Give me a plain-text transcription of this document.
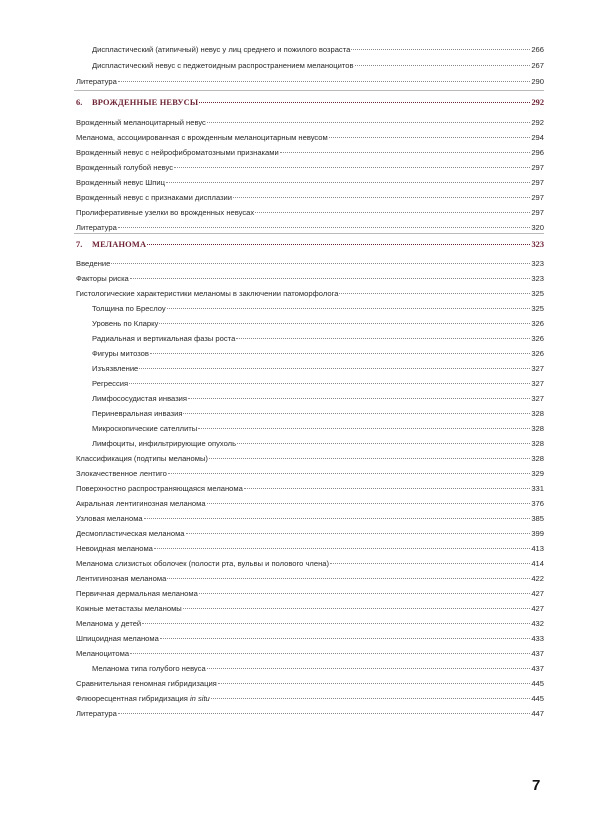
Диспластический (атипичный) невус у лиц среднего и пожилого возраста	266
Диспластический невус с педжетоидным распространением меланоцитов	267
Литература	290
6.	ВРОЖДЕННЫЕ НЕВУСЫ	292
Врожденный меланоцитарный невус	292
Меланома, ассоциированная с врожденным меланоцитарным невусом	294
Врожденный невус с нейрофиброматозными признаками	296
Врожденный голубой невус	297
Врожденный невус Шпиц	297
Врожденный невус с признаками дисплазии	297
Пролиферативные узелки во врожденных невусах	297
Литература	320
7.	МЕЛАНОМА	323
Введение	323
Факторы риска	323
Гистологические характеристики меланомы в заключении патоморфолога	325
Толщина по Бреслоу	325
Уровень по Кларку	326
Радиальная и вертикальная фазы роста	326
Фигуры митозов	326
Изъязвление	327
Регрессия	327
Лимфососудистая инвазия	327
Периневральная инвазия	328
Микроскопические сателлиты	328
Лимфоциты, инфильтрирующие опухоль	328
Классификация (подтипы меланомы)	328
Злокачественное лентиго	329
Поверхностно распространяющаяся меланома	331
Акральная лентигинозная меланома	376
Узловая меланома	385
Десмопластическая меланома	399
Невоидная меланома	413
Меланома слизистых оболочек (полости рта, вульвы и полового члена)	414
Лентигинозная меланома	422
Первичная дермальная меланома	427
Кожные метастазы меланомы	427
Меланома у детей	432
Шпицоидная меланома	433
Меланоцитома	437
Меланома типа голубого невуса	437
Сравнительная геномная гибридизация	445
Флюоресцентная гибридизация in situ	445
Литература	447
7
